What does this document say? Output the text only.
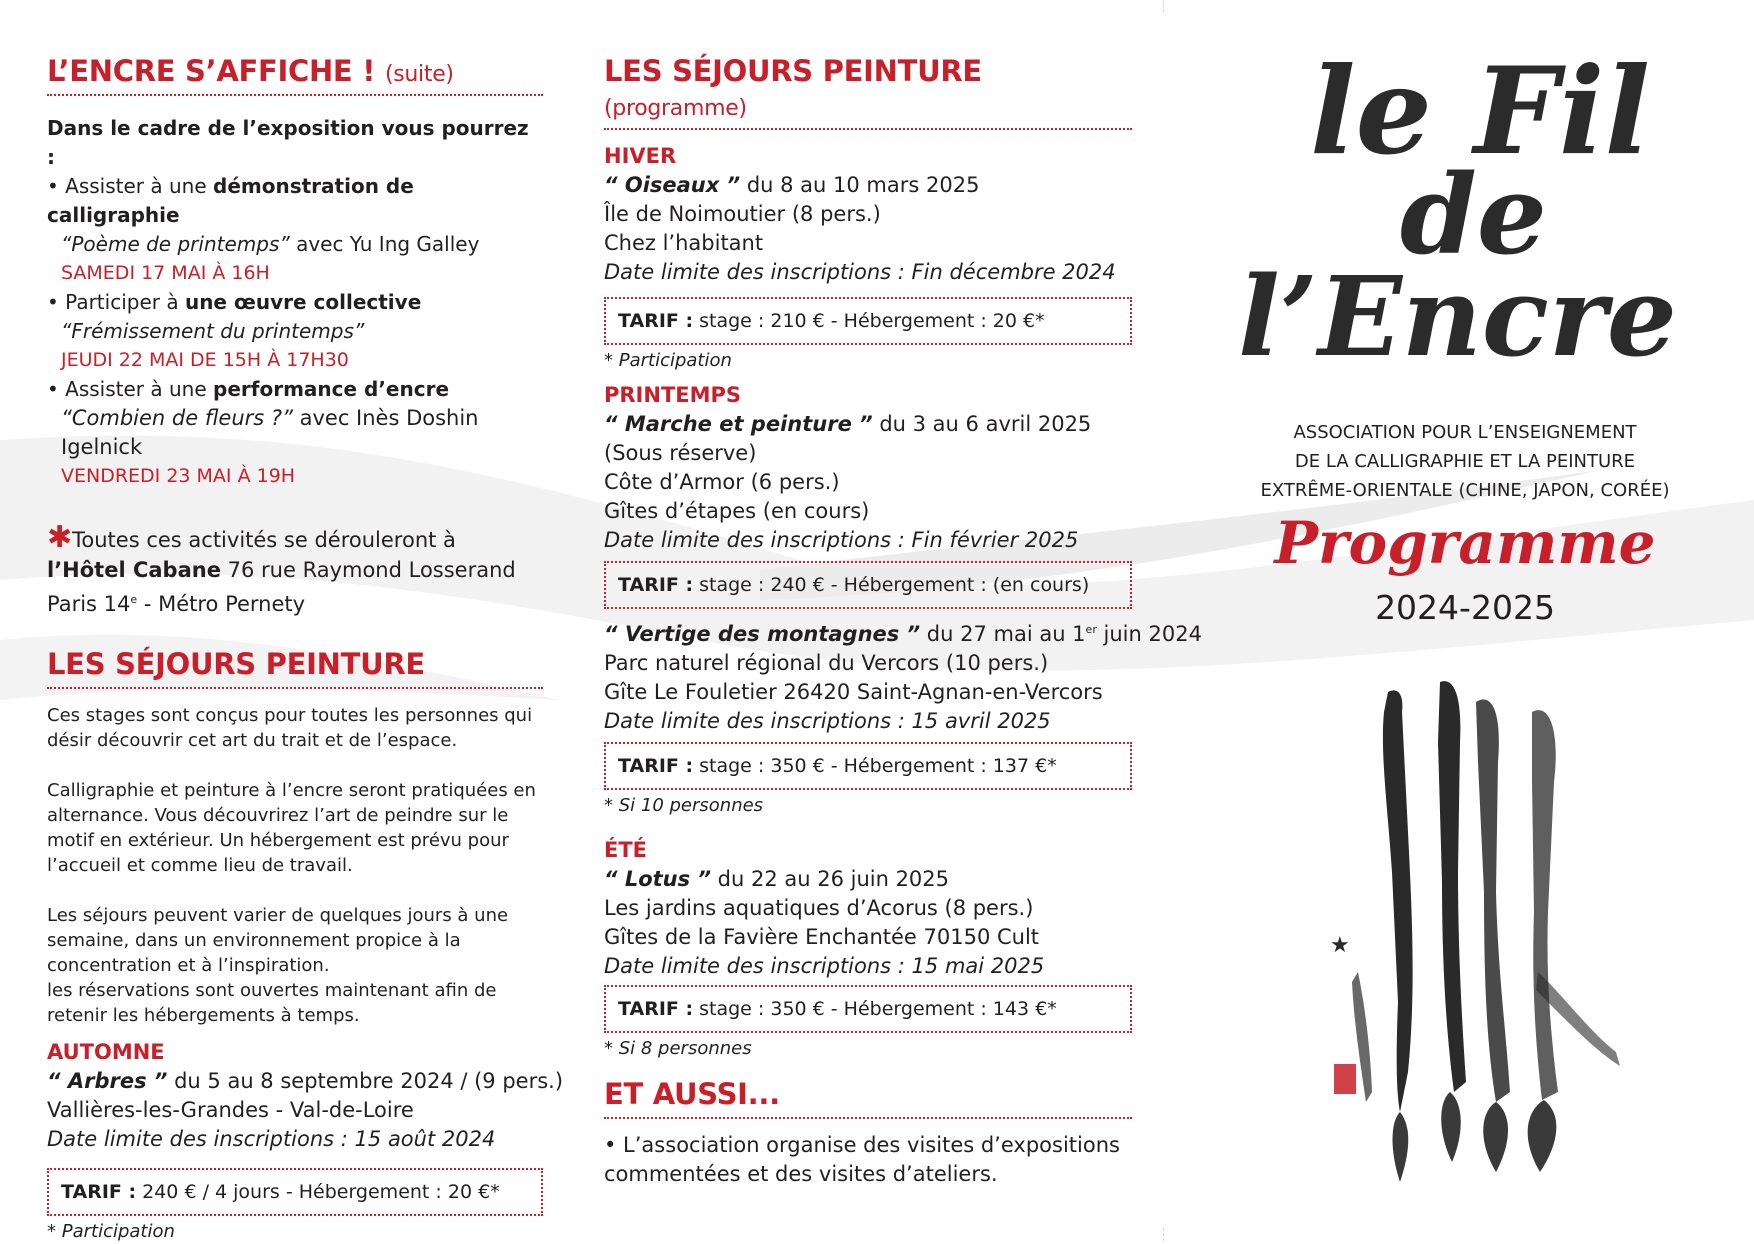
L’ENCRE S’AFFICHE ! (suite)
Dans le cadre de l’exposition vous pourrez :
• Assister à une démonstration de calligraphie
“Poème de printemps” avec Yu Ing Galley
SAMEDI 17 MAI À 16H
• Participer à une œuvre collective
“Frémissement du printemps”
JEUDI 22 MAI DE 15H À 17H30
• Assister à une performance d’encre
“Combien de fleurs ?” avec Inès Doshin Igelnick
VENDREDI 23 MAI À 19H
✱Toutes ces activités se dérouleront à
l’Hôtel Cabane 76 rue Raymond Losserand
Paris 14e - Métro Pernety
LES SÉJOURS PEINTURE
Ces stages sont conçus pour toutes les personnes qui désir découvrir cet art du trait et de l’espace.
Calligraphie et peinture à l’encre seront pratiquées en alternance. Vous découvrirez l’art de peindre sur le motif en extérieur. Un hébergement est prévu pour l’accueil et comme lieu de travail.
Les séjours peuvent varier de quelques jours à une semaine, dans un environnement propice à la concentration et à l’inspiration.
les réservations sont ouvertes maintenant afin de retenir les hébergements à temps.
AUTOMNE
“ Arbres ” du 5 au 8 septembre 2024 / (9 pers.)
Vallières-les-Grandes - Val-de-Loire
Date limite des inscriptions : 15 août 2024
TARIF : 240 € / 4 jours - Hébergement : 20 €*
* Participation
LES SÉJOURS PEINTURE (programme)
HIVER
“ Oiseaux ” du 8 au 10 mars 2025
Île de Noimoutier (8 pers.)
Chez l’habitant
Date limite des inscriptions : Fin décembre 2024
TARIF : stage : 210 € - Hébergement : 20 €*
* Participation
PRINTEMPS
“ Marche et peinture ” du 3 au 6 avril 2025
(Sous réserve)
Côte d’Armor (6 pers.)
Gîtes d’étapes (en cours)
Date limite des inscriptions : Fin février 2025
TARIF : stage : 240 € - Hébergement : (en cours)
“ Vertige des montagnes ” du 27 mai au 1er juin 2024
Parc naturel régional du Vercors (10 pers.)
Gîte Le Fouletier 26420 Saint-Agnan-en-Vercors
Date limite des inscriptions : 15 avril 2025
TARIF : stage : 350 € - Hébergement : 137 €*
* Si 10 personnes
ÉTÉ
“ Lotus ” du 22 au 26 juin 2025
Les jardins aquatiques d’Acorus (8 pers.)
Gîtes de la Favière Enchantée 70150 Cult
Date limite des inscriptions : 15 mai 2025
TARIF : stage : 350 € - Hébergement : 143 €*
* Si 8 personnes
ET AUSSI...
• L’association organise des visites d’expositions commentées et des visites d’ateliers.
le Fil
de
l’Encre
ASSOCIATION POUR L’ENSEIGNEMENT
DE LA CALLIGRAPHIE ET LA PEINTURE
EXTRÊME-ORIENTALE (CHINE, JAPON, CORÉE)
Programme
2024-2025
★
